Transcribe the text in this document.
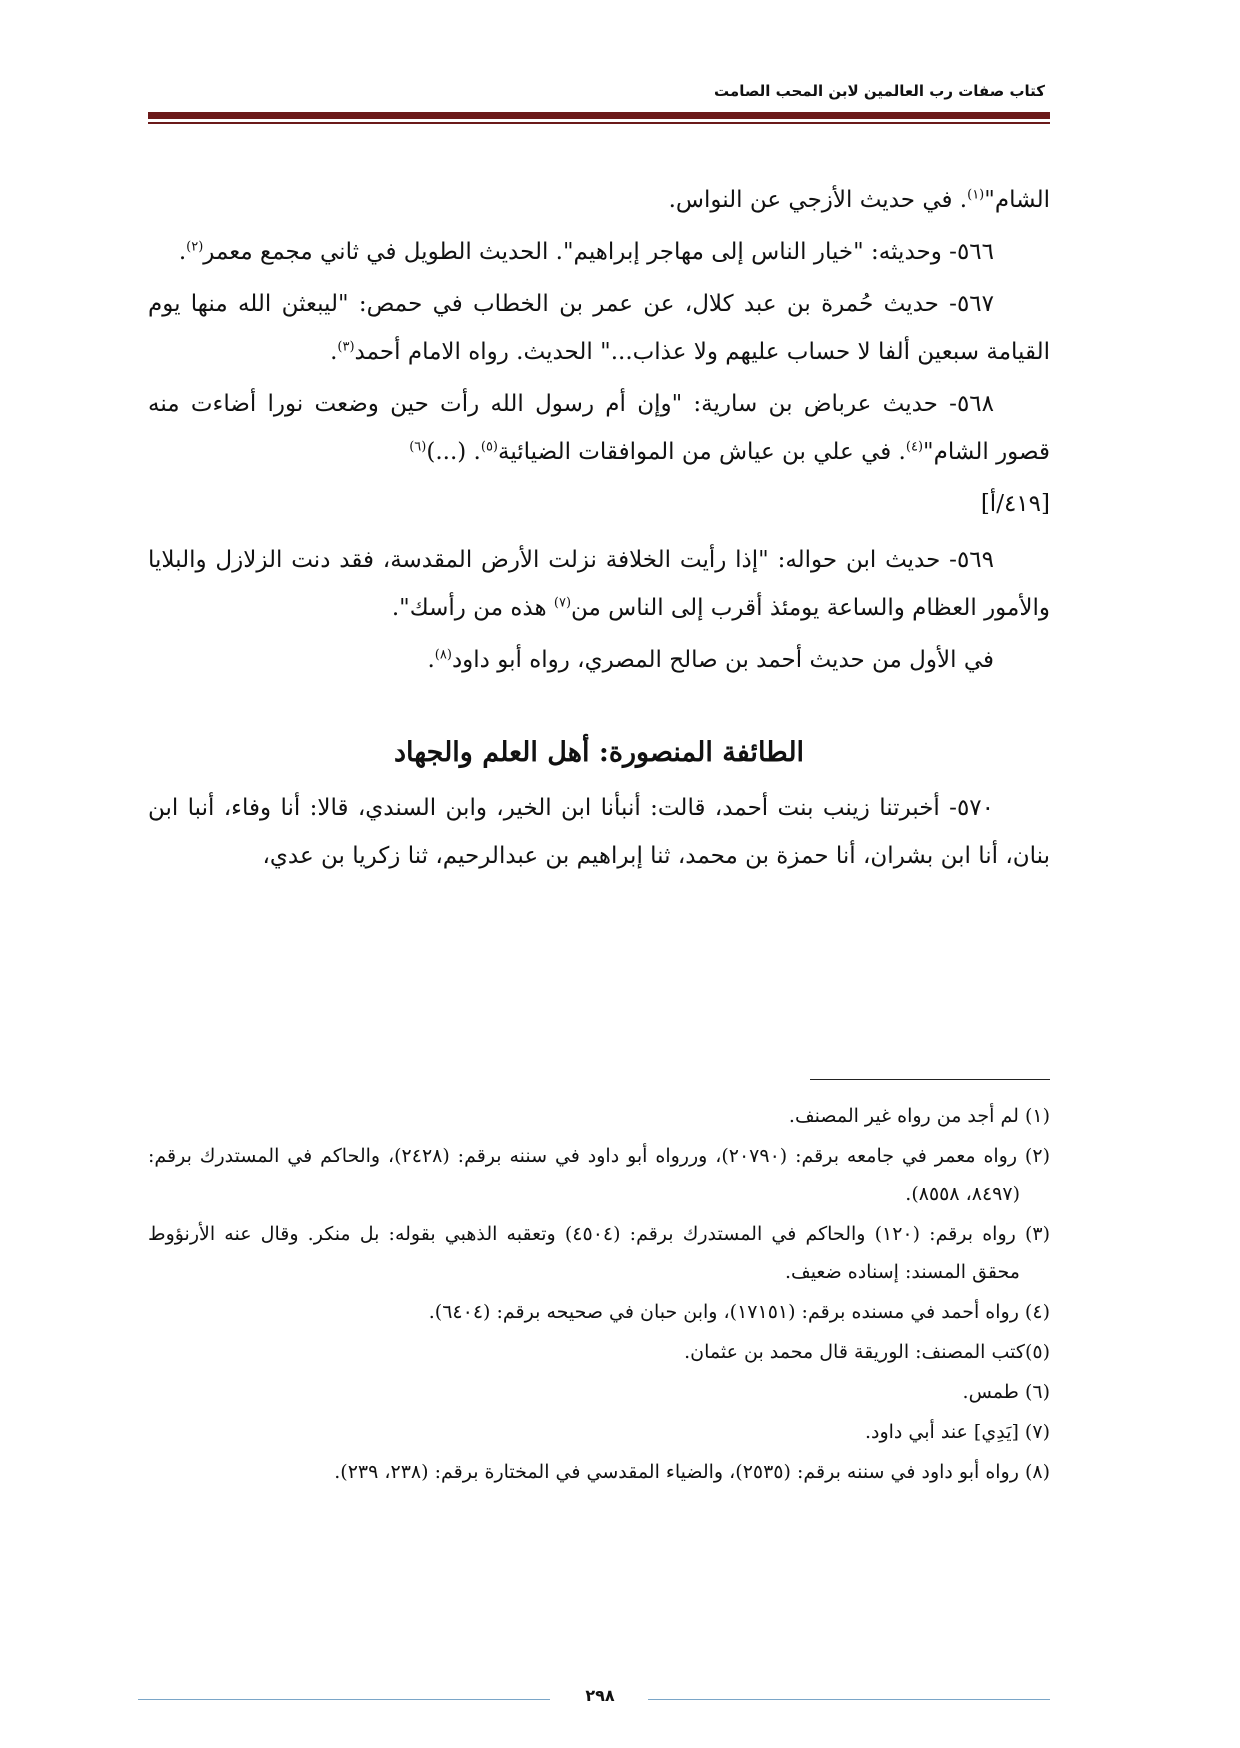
كتاب صفات رب العالمين لابن المحب الصامت

الشام"$^{(١)}$. في حديث الأزجي عن النواس.

٥٦٦- وحديثه: "خيار الناس إلى مهاجر إبراهيم". الحديث الطويل في ثاني مجمع معمر$^{(٢)}$.

٥٦٧- حديث حُمرة بن عبد كلال، عن عمر بن الخطاب في حمص: "ليبعثن الله منها يوم القيامة سبعين ألفا لا حساب عليهم ولا عذاب..." الحديث. رواه الامام أحمد$^{(٣)}$.

٥٦٨- حديث عرباض بن سارية: "وإن أم رسول الله رأت حين وضعت نورا أضاءت منه قصور الشام"$^{(٤)}$. في علي بن عياش من الموافقات الضيائية$^{(٥)}$. (...)$^{(٦)}$

[٤١٩/أ]

٥٦٩- حديث ابن حواله: "إذا رأيت الخلافة نزلت الأرض المقدسة، فقد دنت الزلازل والبلايا والأمور العظام والساعة يومئذ أقرب إلى الناس من$^{(٧)}$ هذه من رأسك".

في الأول من حديث أحمد بن صالح المصري، رواه أبو داود$^{(٨)}$.

الطائفة المنصورة: أهل العلم والجهاد

٥٧٠- أخبرتنا زينب بنت أحمد، قالت: أنبأنا ابن الخير، وابن السندي، قالا: أنا وفاء، أنبا ابن بنان، أنا ابن بشران، أنا حمزة بن محمد، ثنا إبراهيم بن عبدالرحيم، ثنا زكريا بن عدي،

(١) لم أجد من رواه غير المصنف.

(٢) رواه معمر في جامعه برقم: (٢٠٧٩٠)، وررواه أبو داود في سننه برقم: (٢٤٢٨)، والحاكم في المستدرك برقم: (٨٤٩٧، ٨٥٥٨).

(٣) رواه برقم: (١٢٠) والحاكم في المستدرك برقم: (٤٥٠٤) وتعقبه الذهبي بقوله: بل منكر. وقال عنه الأرنؤوط محقق المسند: إسناده ضعيف.

(٤) رواه أحمد في مسنده برقم: (١٧١٥١)، وابن حبان في صحيحه برقم: (٦٤٠٤).

(٥)كتب المصنف: الوريقة قال محمد بن عثمان.

(٦) طمس.

(٧) [يَدِي] عند أبي داود.

(٨) رواه أبو داود في سننه برقم: (٢٥٣٥)، والضياء المقدسي في المختارة برقم: (٢٣٨، ٢٣٩).

٢٩٨
